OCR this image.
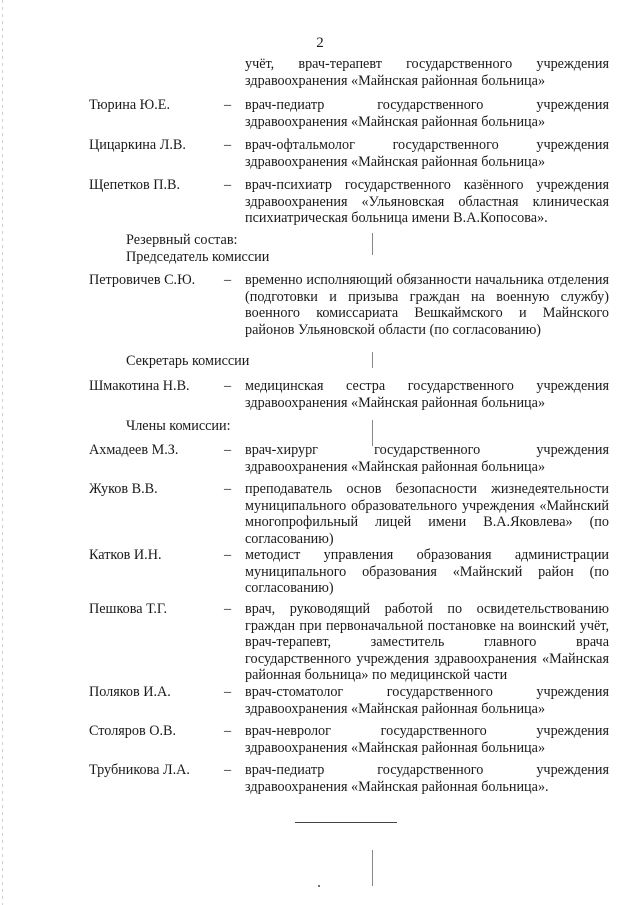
2
учёт, врач-терапевт государственного учреждения здравоохранения «Майнская районная больница»
Тюрина Ю.Е.	– врач-педиатр государственного учреждения здравоохранения «Майнская районная больница»
Цицаркина Л.В.	– врач-офтальмолог государственного учреждения здравоохранения «Майнская районная больница»
Щепетков П.В.	– врач-психиатр государственного казённого учреждения здравоохранения «Ульяновская областная клиническая психиатрическая больница имени В.А.Копосова».
Резервный состав:
Председатель комиссии
Петровичев С.Ю. – временно исполняющий обязанности начальника отделения (подготовки и призыва граждан на военную службу) военного комиссариата Вешкаймского и Майнского районов Ульяновской области (по согласованию)
Секретарь комиссии
Шмакотина Н.В. – медицинская сестра государственного учреждения здравоохранения «Майнская районная больница»
Члены комиссии:
Ахмадеев М.З.	– врач-хирург государственного учреждения здравоохранения «Майнская районная больница»
Жуков В.В.	– преподаватель основ безопасности жизнедеятельности муниципального образовательного учреждения «Майнский многопрофильный лицей имени В.А.Яковлева» (по согласованию)
Катков И.Н.	– методист управления образования администрации муниципального образования «Майнский район (по согласованию)
Пешкова Т.Г.	– врач, руководящий работой по освидетельствованию граждан при первоначальной постановке на воинский учёт, врач-терапевт, заместитель главного врача государственного учреждения здравоохранения «Майнская районная больница» по медицинской части
Поляков И.А.	– врач-стоматолог государственного учреждения здравоохранения «Майнская районная больница»
Столяров О.В.	– врач-невролог государственного учреждения здравоохранения «Майнская районная больница»
Трубникова Л.А. – врач-педиатр государственного учреждения здравоохранения «Майнская районная больница».
